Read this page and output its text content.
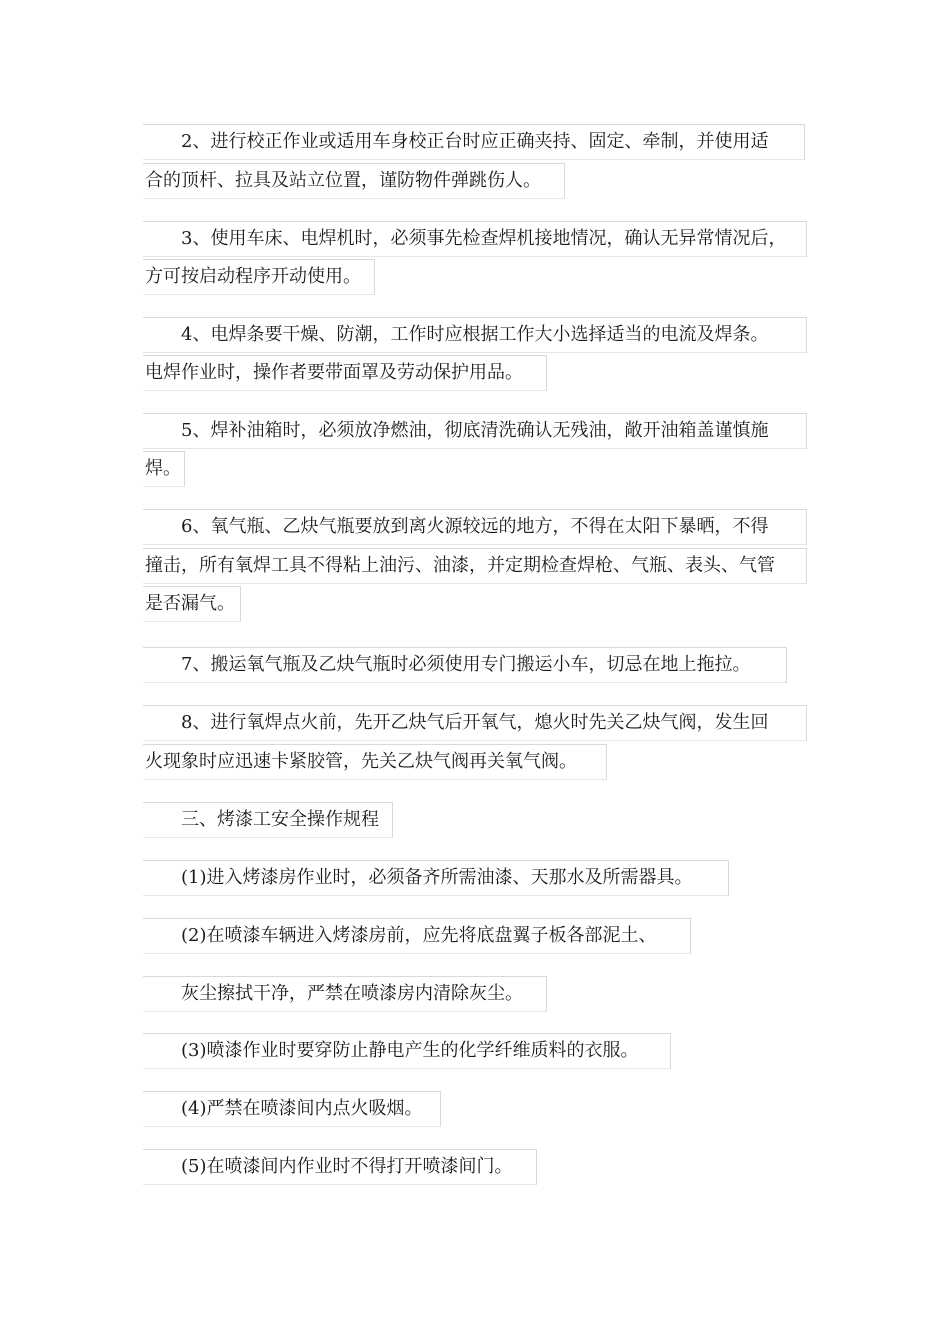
2、进行校正作业或适用车身校正台时应正确夹持、固定、牵制，并使用适
合的顶杆、拉具及站立位置，谨防物件弹跳伤人。
3、使用车床、电焊机时，必须事先检查焊机接地情况，确认无异常情况后，
方可按启动程序开动使用。
4、电焊条要干燥、防潮，工作时应根据工作大小选择适当的电流及焊条。
电焊作业时，操作者要带面罩及劳动保护用品。
5、焊补油箱时，必须放净燃油，彻底清洗确认无残油，敞开油箱盖谨慎施
焊。
6、氧气瓶、乙炔气瓶要放到离火源较远的地方，不得在太阳下暴晒，不得
撞击，所有氧焊工具不得粘上油污、油漆，并定期检查焊枪、气瓶、表头、气管
是否漏气。
7、搬运氧气瓶及乙炔气瓶时必须使用专门搬运小车，切忌在地上拖拉。
8、进行氧焊点火前，先开乙炔气后开氧气，熄火时先关乙炔气阀，发生回
火现象时应迅速卡紧胶管，先关乙炔气阀再关氧气阀。
三、烤漆工安全操作规程
(1)进入烤漆房作业时，必须备齐所需油漆、天那水及所需器具。
(2)在喷漆车辆进入烤漆房前，应先将底盘翼子板各部泥土、
灰尘擦拭干净，严禁在喷漆房内清除灰尘。
(3)喷漆作业时要穿防止静电产生的化学纤维质料的衣服。
(4)严禁在喷漆间内点火吸烟。
(5)在喷漆间内作业时不得打开喷漆间门。
